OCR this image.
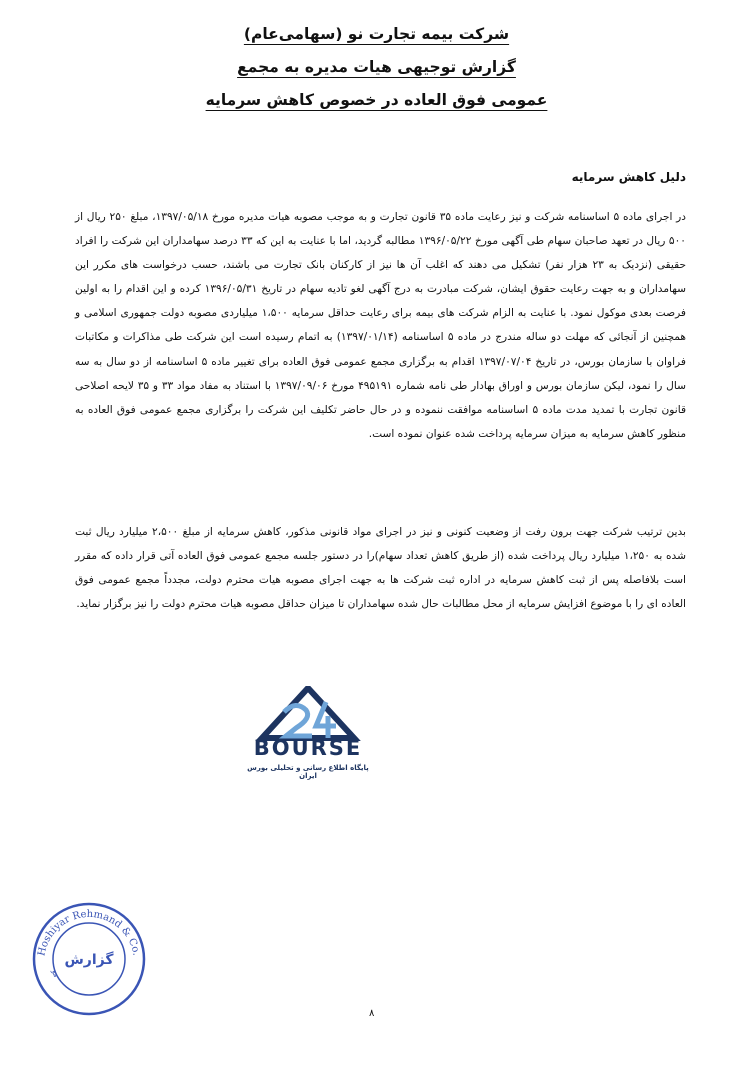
شرکت بیمه تجارت نو (سهامی‌عام)
گزارش توجیهی هیات مدیره به مجمع
عمومی فوق العاده در خصوص کاهش سرمایه
دلیل کاهش سرمایه
در اجرای ماده ۵ اساسنامه شرکت و نیز رعایت ماده ۳۵ قانون تجارت و به موجب مصوبه هیات مدیره مورخ ۱۳۹۷/۰۵/۱۸، مبلغ ۲۵۰ ریال از ۵۰۰ ریال در تعهد صاحبان سهام طی آگهی مورخ ۱۳۹۶/۰۵/۲۲ مطالبه گردید، اما با عنایت به این که ۳۳ درصد سهامداران این شرکت را افراد حقیقی (نزدیک به ۲۳ هزار نفر) تشکیل می دهند که اغلب آن ها نیز از کارکنان بانک تجارت می باشند، حسب درخواست های مکرر این سهامداران و به جهت رعایت حقوق ایشان، شرکت مبادرت به درج آگهی لغو تادیه سهام در تاریخ ۱۳۹۶/۰۵/۳۱ کرده و این اقدام را به اولین فرصت بعدی موکول نمود. با عنایت به الزام شرکت های بیمه برای رعایت حداقل سرمایه ۱،۵۰۰ میلیاردی مصوبه دولت جمهوری اسلامی و همچنین از آنجائی که مهلت دو ساله مندرج در ماده ۵ اساسنامه (۱۳۹۷/۰۱/۱۴) به اتمام رسیده است این شرکت طی مذاکرات و مکاتبات فراوان با سازمان بورس، در تاریخ ۱۳۹۷/۰۷/۰۴ اقدام به برگزاری مجمع عمومی فوق العاده برای تغییر ماده ۵ اساسنامه از دو سال به سه سال را نمود، لیکن سازمان بورس و اوراق بهادار طی نامه شماره ۴۹۵۱۹۱ مورخ ۱۳۹۷/۰۹/۰۶ با استناد به مفاد مواد ۳۳ و ۳۵ لایحه اصلاحی قانون تجارت با تمدید مدت ماده ۵ اساسنامه موافقت ننموده و در حال حاضر تکلیف این شرکت را برگزاری مجمع عمومی فوق العاده به منظور کاهش سرمایه به میزان سرمایه پرداخت شده عنوان نموده است.
بدین ترتیب شرکت جهت برون رفت از وضعیت کنونی و نیز در اجرای مواد قانونی مذکور، کاهش سرمایه از مبلغ ۲،۵۰۰ میلیارد ریال ثبت شده به ۱،۲۵۰ میلیارد ریال پرداخت شده (از طریق کاهش تعداد سهام)را در دستور جلسه مجمع عمومی فوق العاده آتی قرار داده که مقرر است بلافاصله پس از ثبت کاهش سرمایه در اداره ثبت شرکت ها به جهت اجرای مصوبه هیات محترم دولت، مجدداً مجمع عمومی فوق العاده ای را با موضوع افزایش سرمایه از محل مطالبات حال شده سهامداران تا میزان حداقل مصوبه هیات محترم دولت را نیز برگزار نماید.
BOURSE
پایگاه اطلاع رسانی و تحلیلی بورس ایران
Hoshiyar Rehmand & Co.
مو
گزارش
۸
